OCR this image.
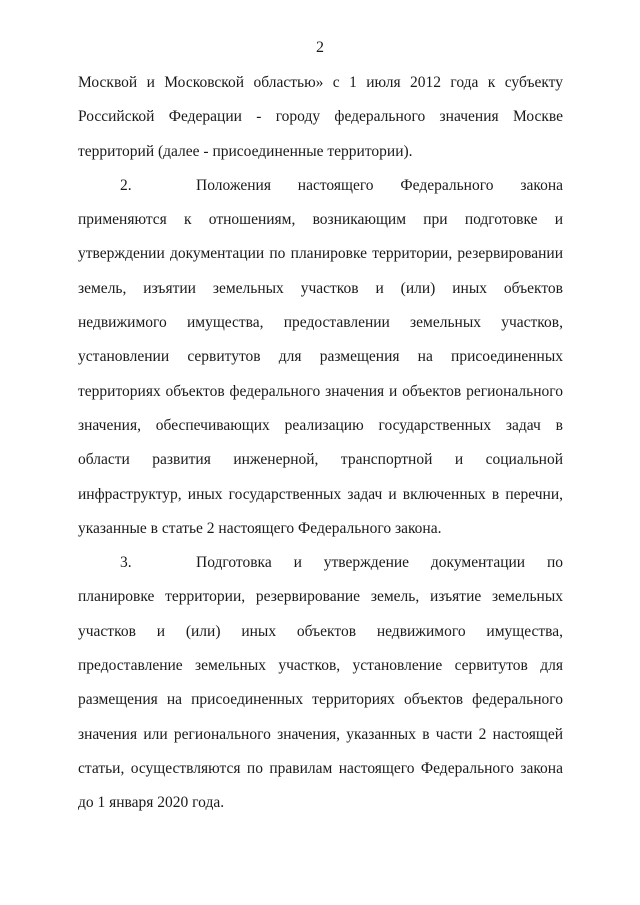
2

Москвой и Московской областью» с 1 июля 2012 года к субъекту Российской Федерации - городу федерального значения Москве территорий (далее - присоединенные территории).

2.	Положения настоящего Федерального закона применяются к отношениям, возникающим при подготовке и утверждении документации по планировке территории, резервировании земель, изъятии земельных участков и (или) иных объектов недвижимого имущества, предоставлении земельных участков, установлении сервитутов для размещения на присоединенных территориях объектов федерального значения и объектов регионального значения, обеспечивающих реализацию государственных задач в области развития инженерной, транспортной и социальной инфраструктур, иных государственных задач и включенных в перечни, указанные в статье 2 настоящего Федерального закона.

3.	Подготовка и утверждение документации по планировке территории, резервирование земель, изъятие земельных участков и (или) иных объектов недвижимого имущества, предоставление земельных участков, установление сервитутов для размещения на присоединенных территориях объектов федерального значения или регионального значения, указанных в части 2 настоящей статьи, осуществляются по правилам настоящего Федерального закона до 1 января 2020 года.
